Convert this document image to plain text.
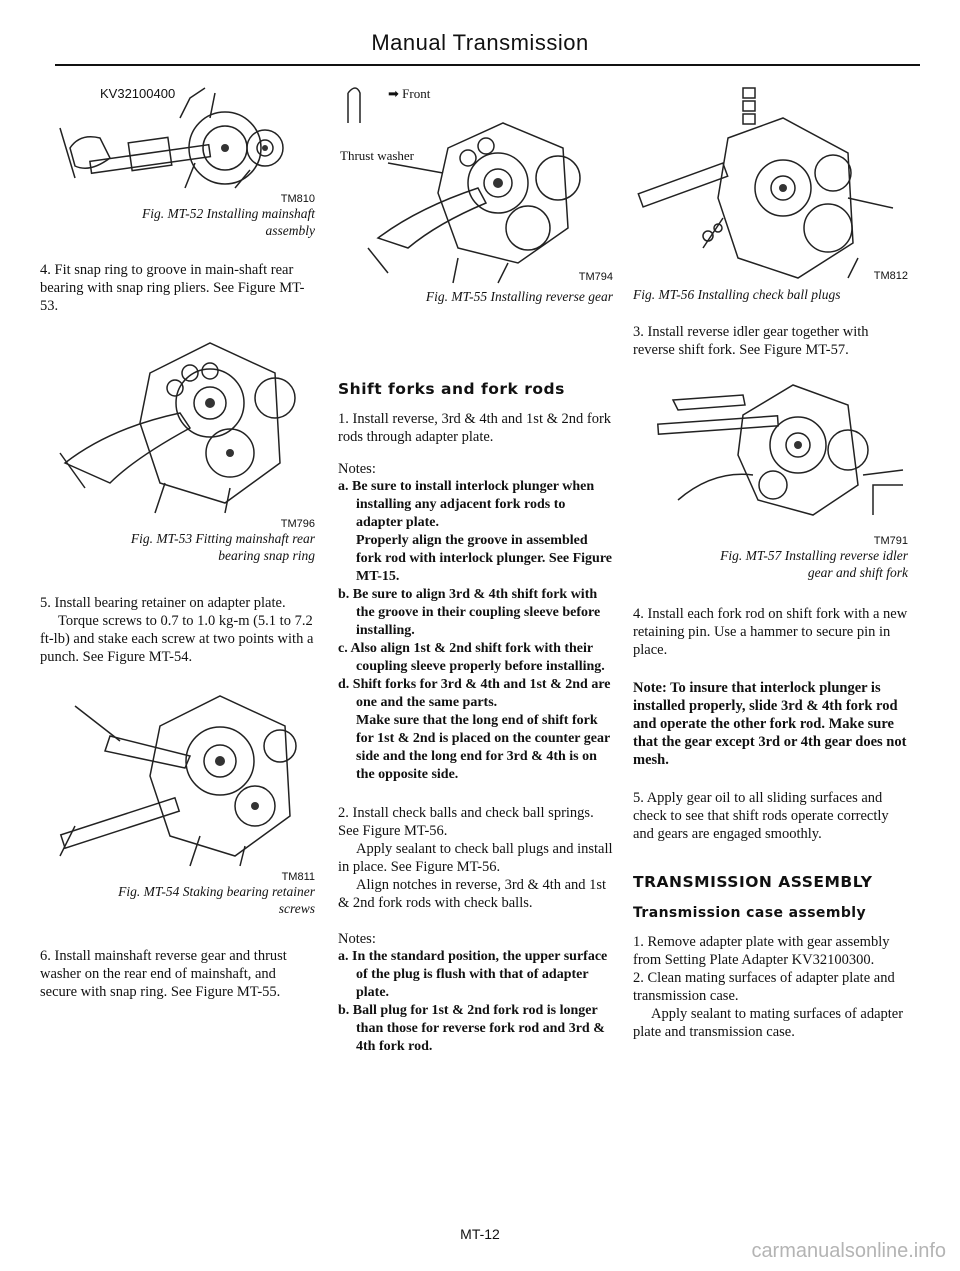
Manual Transmission
KV32100400
TM810
Fig. MT-52 Installing mainshaft
assembly

4. Fit snap ring to groove in main-shaft rear bearing with snap ring pliers. See Figure MT-53.

TM796
Fig. MT-53 Fitting mainshaft rear
bearing snap ring

5. Install bearing retainer on adapter plate.

Torque screws to 0.7 to 1.0 kg-m (5.1 to 7.2 ft-lb) and stake each screw at two points with a punch. See Figure MT-54.

TM811
Fig. MT-54 Staking bearing retainer
screws

6. Install mainshaft reverse gear and thrust washer on the rear end of mainshaft, and secure with snap ring. See Figure MT-55.

➡ Front
Thrust washer
TM794
Fig. MT-55 Installing reverse gear
Shift forks and fork rods

1. Install reverse, 3rd & 4th and 1st & 2nd fork rods through adapter plate.

Notes:

a. Be sure to install interlock plunger when installing any adjacent fork rods to adapter plate.
Properly align the groove in assembled fork rod with interlock plunger. See Figure MT-15.
b. Be sure to align 3rd & 4th shift fork with the groove in their coupling sleeve before installing.
c. Also align 1st & 2nd shift fork with their coupling sleeve properly before installing.
d. Shift forks for 3rd & 4th and 1st & 2nd are one and the same parts.
Make sure that the long end of shift fork for 1st & 2nd is placed on the counter gear side and the long end for 3rd & 4th is on the opposite side.

2. Install check balls and check ball springs. See Figure MT-56.

Apply sealant to check ball plugs and install in place. See Figure MT-56.

Align notches in reverse, 3rd & 4th and 1st & 2nd fork rods with check balls.

Notes:

a. In the standard position, the upper surface of the plug is flush with that of adapter plate.
b. Ball plug for 1st & 2nd fork rod is longer than those for reverse fork rod and 3rd & 4th fork rod.
TM812
Fig. MT-56 Installing check ball plugs

3. Install reverse idler gear together with reverse shift fork. See Figure MT-57.

TM791
Fig. MT-57 Installing reverse idler
gear and shift fork

4. Install each fork rod on shift fork with a new retaining pin. Use a hammer to secure pin in place.

Note: To insure that interlock plunger is installed properly, slide 3rd & 4th fork rod and operate the other fork rod. Make sure that the gear except 3rd or 4th gear does not mesh.

5. Apply gear oil to all sliding surfaces and check to see that shift rods operate correctly and gears are engaged smoothly.

TRANSMISSION ASSEMBLY
Transmission case assembly

1. Remove adapter plate with gear assembly from Setting Plate Adapter KV32100300.

2. Clean mating surfaces of adapter plate and transmission case.

Apply sealant to mating surfaces of adapter plate and transmission case.

MT-12
carmanualsonline.info
